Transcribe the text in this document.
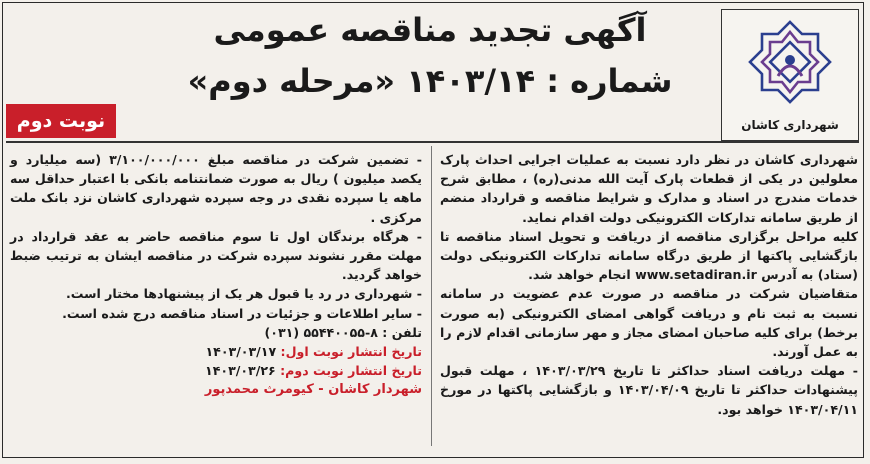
شهرداری کاشان
آگهی تجدید مناقصه عمومی
شماره : ۱۴۰۳/۱۴ «مرحله دوم»
نوبت دوم

شهرداری کاشان در نظر دارد نسبت به عملیات اجرایی احداث پارک معلولین در یکی از قطعات پارک آیت الله مدنی(ره) ، مطابق شرح خدمات مندرج در اسناد و مدارک و شرایط مناقصه و قرارداد منضم از طریق سامانه تدارکات الکترونیکی دولت اقدام نماید.

کلیه مراحل برگزاری مناقصه از دریافت و تحویل اسناد مناقصه تا بازگشایی پاکتها از طریق درگاه سامانه تدارکات الکترونیکی دولت (ستاد) به آدرس www.setadiran.ir انجام خواهد شد.

متقاضیان شرکت در مناقصه در صورت عدم عضویت در سامانه نسبت به ثبت نام و دریافت گواهی امضای الکترونیکی (به صورت برخط) برای کلیه صاحبان امضای مجاز و مهر سازمانی اقدام لازم را به عمل آورند.

- مهلت دریافت اسناد حداکثر تا تاریخ ۱۴۰۳/۰۳/۲۹ ، مهلت قبول پیشنهادات حداکثر تا تاریخ ۱۴۰۳/۰۴/۰۹ و بازگشایی پاکتها در مورخ ۱۴۰۳/۰۴/۱۱ خواهد بود.

- تضمین شرکت در مناقصه مبلغ ۳/۱۰۰/۰۰۰/۰۰۰ (سه میلیارد و یکصد میلیون ) ریال به صورت ضمانتنامه بانکی با اعتبار حداقل سه ماهه یا سپرده نقدی در وجه سپرده شهرداری کاشان نزد بانک ملت مرکزی .

- هرگاه برندگان اول تا سوم مناقصه حاضر به عقد قرارداد در مهلت مقرر نشوند سپرده شرکت در مناقصه ایشان به ترتیب ضبط خواهد گردید.

- شهرداری در رد یا قبول هر یک از پیشنهادها مختار است.

- سایر اطلاعات و جزئیات در اسناد مناقصه درج شده است.

تلفن : ۸-۵۵۴۴۰۰۵۵ (۰۳۱)

تاریخ انتشار نوبت اول: ۱۴۰۳/۰۳/۱۷

تاریخ انتشار نوبت دوم: ۱۴۰۳/۰۳/۲۶

شهردار کاشان - کیومرث محمدپور
